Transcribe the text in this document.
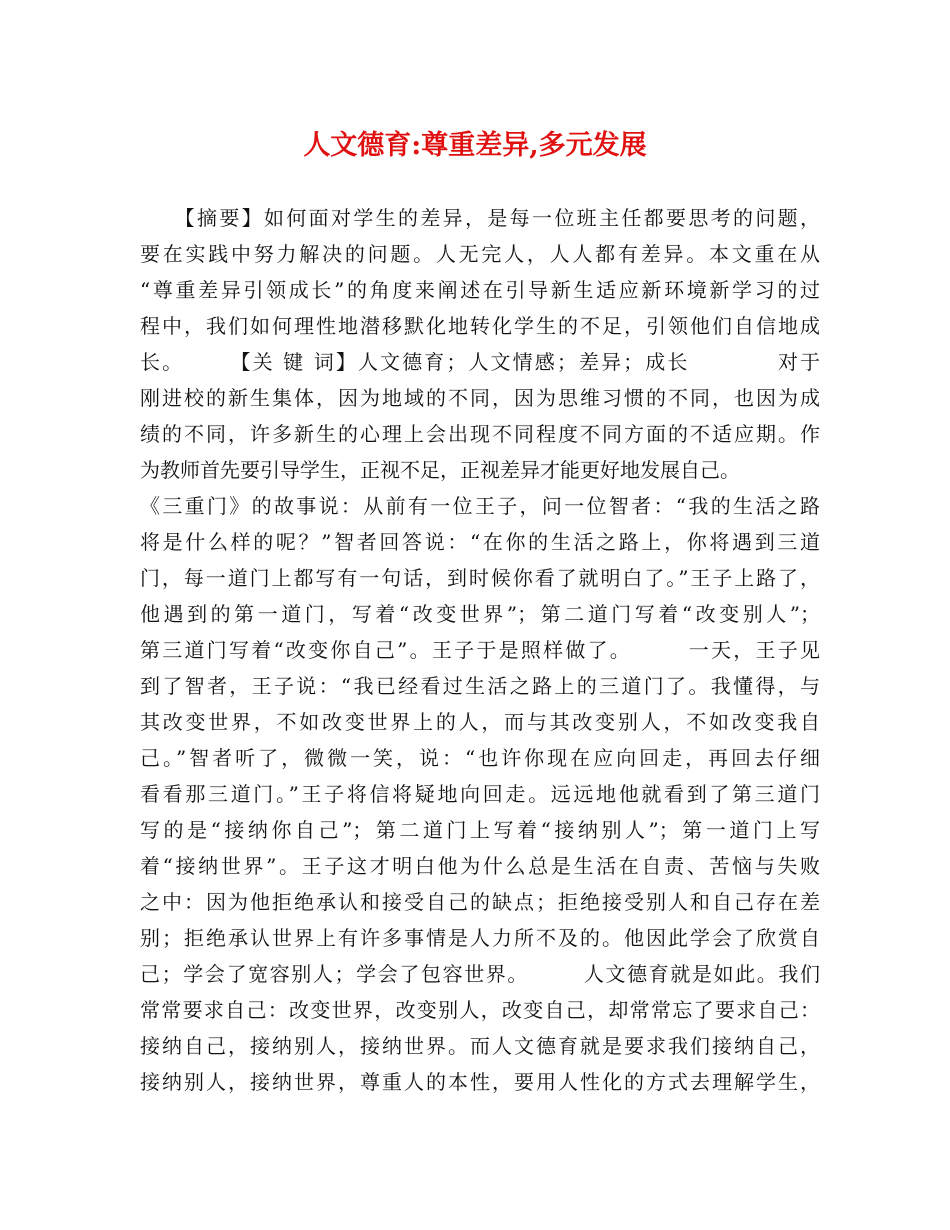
人文德育:尊重差异,多元发展
　　【摘要】如何面对学生的差异，是每一位班主任都要思考的问题，
要在实践中努力解决的问题。人无完人，人人都有差异。本文重在从
“尊重差异引领成长”的角度来阐述在引导新生适应新环境新学习的过
程中，我们如何理性地潜移默化地转化学生的不足，引领他们自信地成
长。　　　【关 键 词】人文德育；人文情感；差异；成长　　　　对于
刚进校的新生集体，因为地域的不同，因为思维习惯的不同，也因为成
绩的不同，许多新生的心理上会出现不同程度不同方面的不适应期。作
为教师首先要引导学生，正视不足，正视差异才能更好地发展自己。
《三重门》的故事说：从前有一位王子，问一位智者：“我的生活之路
将是什么样的呢？”智者回答说：“在你的生活之路上，你将遇到三道
门，每一道门上都写有一句话，到时候你看了就明白了。”王子上路了，
他遇到的第一道门，写着“改变世界”；第二道门写着“改变别人”；
第三道门写着“改变你自己”。王子于是照样做了。　　　一天，王子见
到了智者，王子说：“我已经看过生活之路上的三道门了。我懂得，与
其改变世界，不如改变世界上的人，而与其改变别人，不如改变我自
己。”智者听了，微微一笑，说：“也许你现在应向回走，再回去仔细
看看那三道门。”王子将信将疑地向回走。远远地他就看到了第三道门
写的是“接纳你自己”；第二道门上写着“接纳别人”；第一道门上写
着“接纳世界”。王子这才明白他为什么总是生活在自责、苦恼与失败
之中：因为他拒绝承认和接受自己的缺点；拒绝接受别人和自己存在差
别；拒绝承认世界上有许多事情是人力所不及的。他因此学会了欣赏自
己；学会了宽容别人；学会了包容世界。　　　人文德育就是如此。我们
常常要求自己：改变世界，改变别人，改变自己，却常常忘了要求自己：
接纳自己，接纳别人，接纳世界。而人文德育就是要求我们接纳自己，
接纳别人，接纳世界，尊重人的本性，要用人性化的方式去理解学生，
